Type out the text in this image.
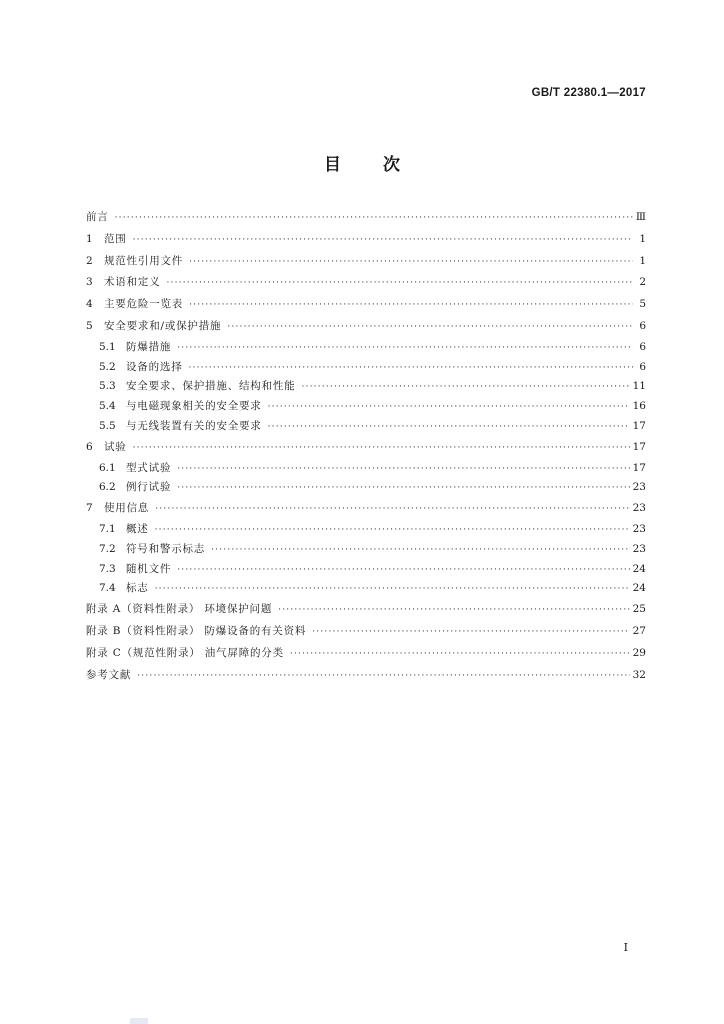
GB/T 22380.1—2017
目次
前言 ·····	Ⅲ
1	范围 ·····	1
2	规范性引用文件 ·····	1
3	术语和定义 ·····	2
4	主要危险一览表 ·····	5
5	安全要求和/或保护措施 ·····	6
5.1 防爆措施 ·····	6
5.2 设备的选择 ·····	6
5.3 安全要求、保护措施、结构和性能 ·····	11
5.4 与电磁现象相关的安全要求 ·····	16
5.5 与无线装置有关的安全要求 ·····	17
6	试验 ·····	17
6.1 型式试验 ·····	17
6.2 例行试验 ·····	23
7	使用信息 ·····	23
7.1 概述 ·····	23
7.2 符号和警示标志 ·····	23
7.3 随机文件 ·····	24
7.4 标志 ·····	24
附录 A（资料性附录） 环境保护问题 ·····	25
附录 B（资料性附录） 防爆设备的有关资料 ·····	27
附录 C（规范性附录） 油气屏障的分类 ·····	29
参考文献 ·····	32
I
